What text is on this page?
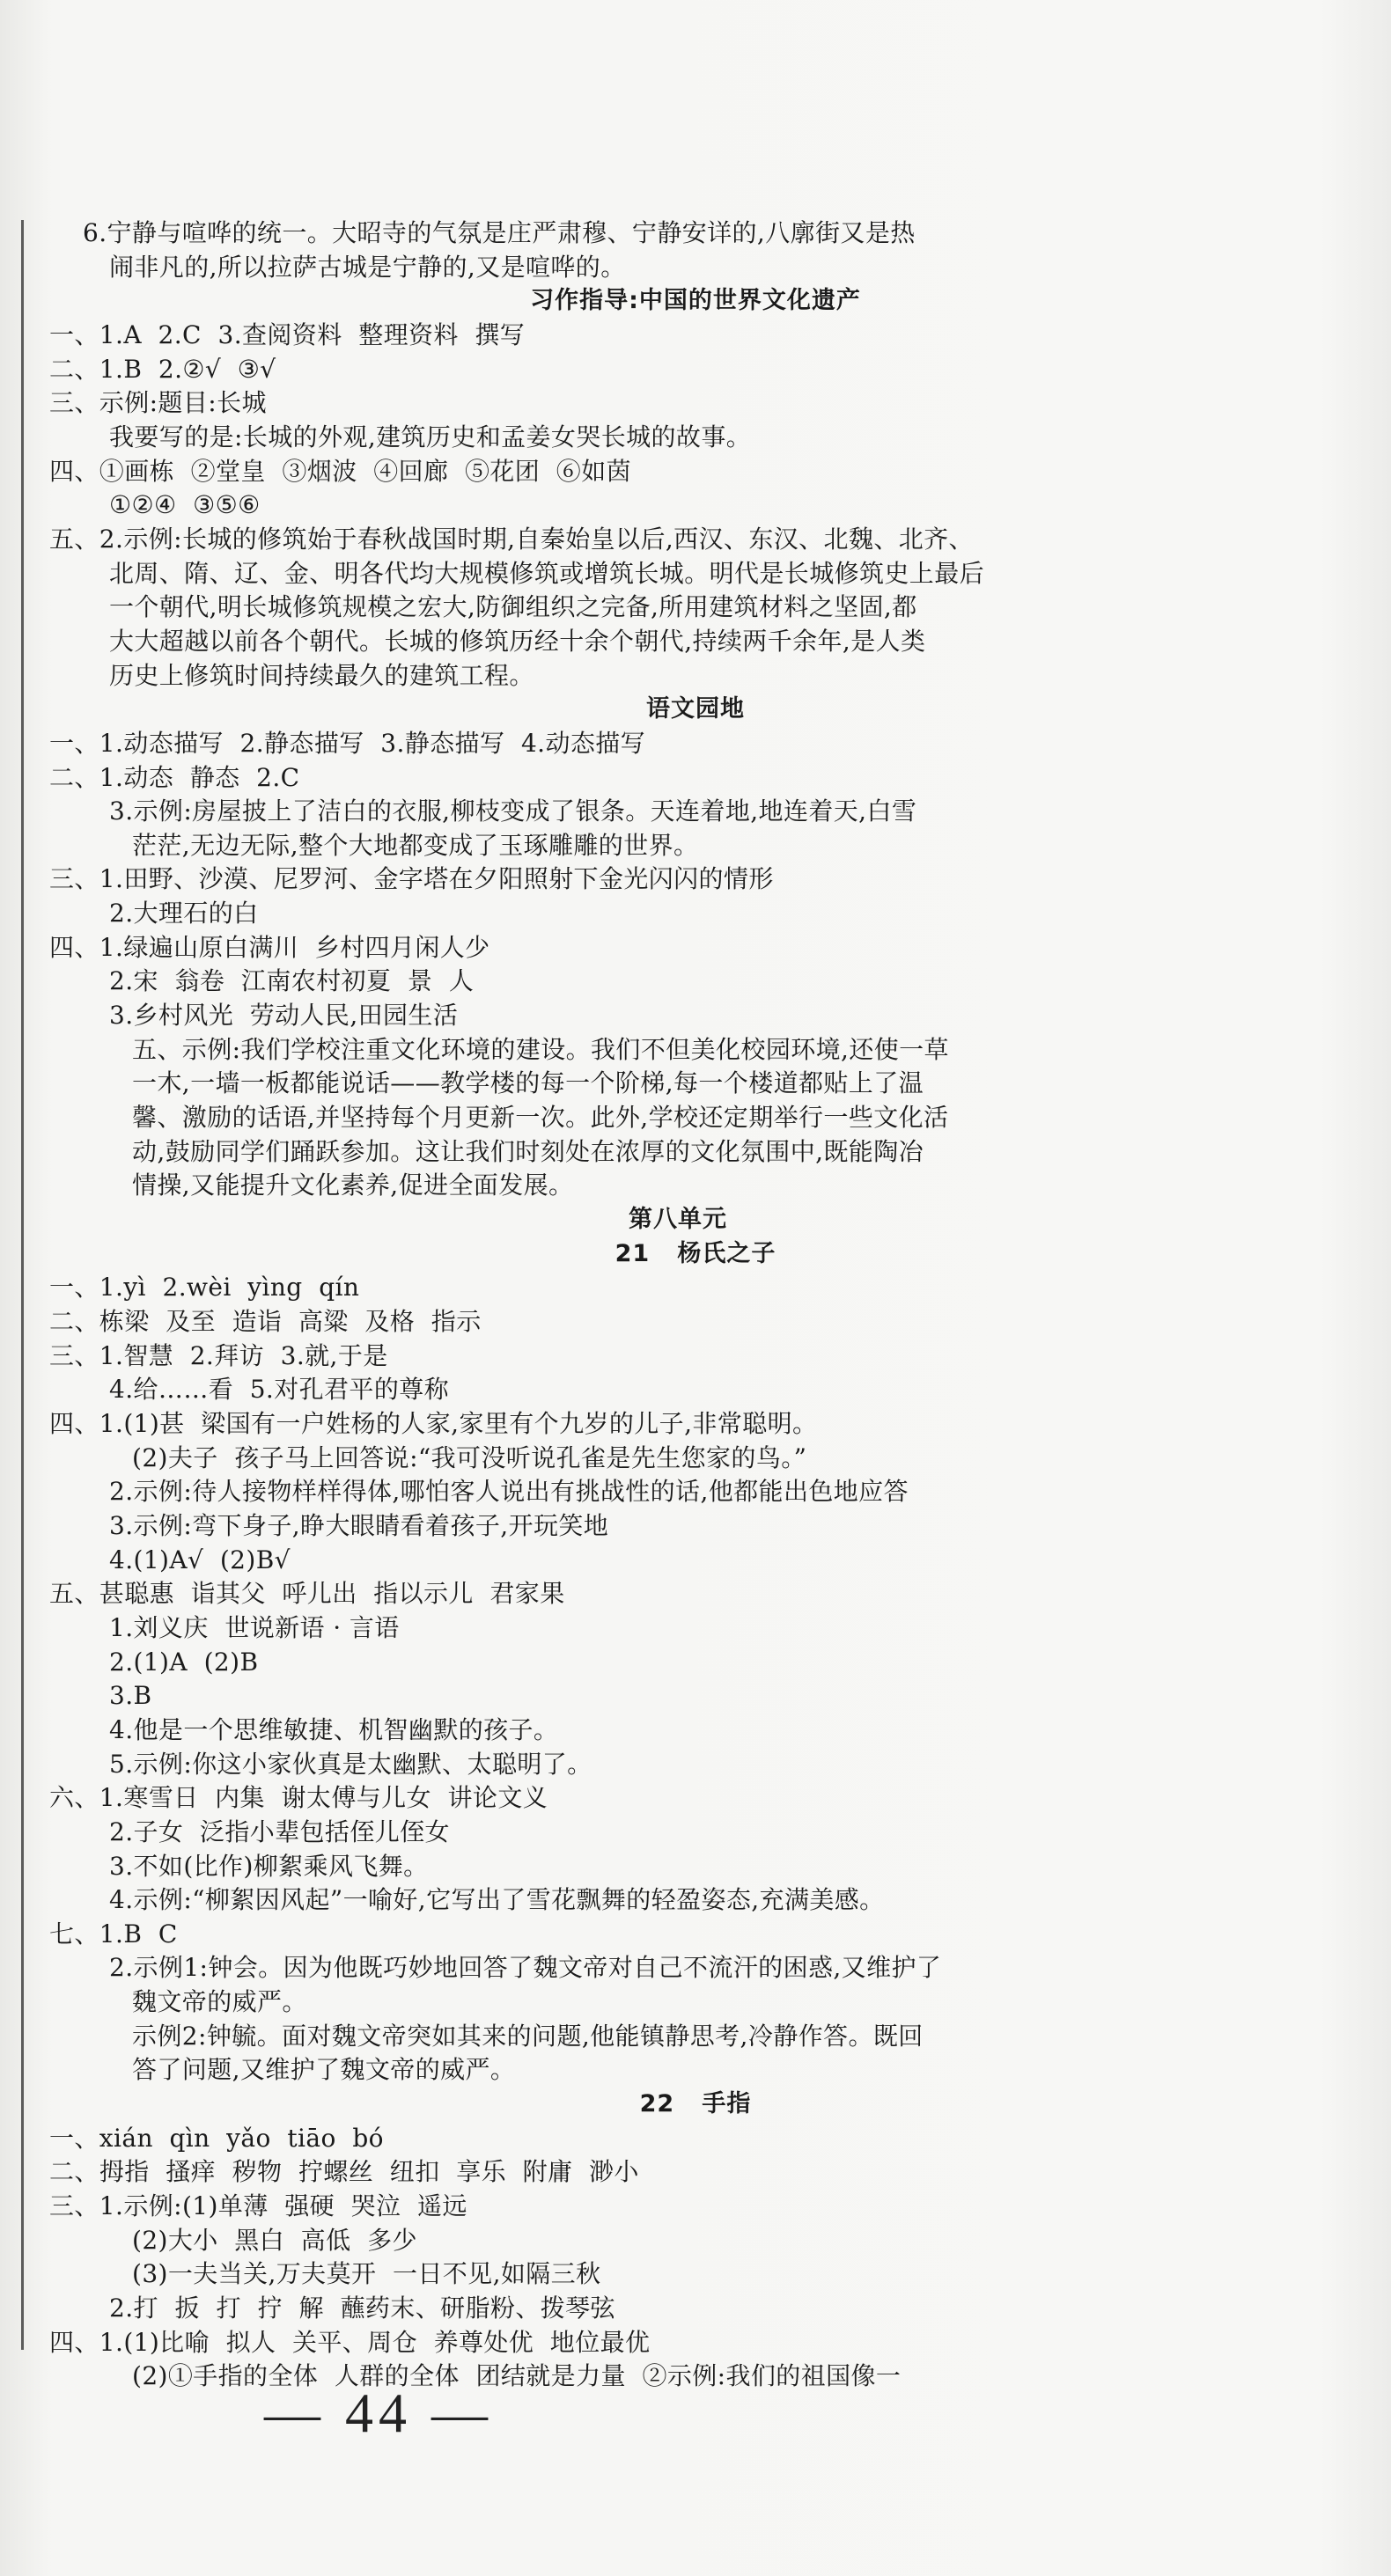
6.宁静与喧哗的统一。大昭寺的气氛是庄严肃穆、宁静安详的,八廓街又是热
闹非凡的,所以拉萨古城是宁静的,又是喧哗的。
习作指导:中国的世界文化遗产
一、1.A  2.C  3.查阅资料  整理资料  撰写
二、1.B  2.②√  ③√
三、示例:题目:长城
我要写的是:长城的外观,建筑历史和孟姜女哭长城的故事。
四、①画栋  ②堂皇  ③烟波  ④回廊  ⑤花团  ⑥如茵
①②④  ③⑤⑥
五、2.示例:长城的修筑始于春秋战国时期,自秦始皇以后,西汉、东汉、北魏、北齐、
北周、隋、辽、金、明各代均大规模修筑或增筑长城。明代是长城修筑史上最后
一个朝代,明长城修筑规模之宏大,防御组织之完备,所用建筑材料之坚固,都
大大超越以前各个朝代。长城的修筑历经十余个朝代,持续两千余年,是人类
历史上修筑时间持续最久的建筑工程。
语文园地
一、1.动态描写  2.静态描写  3.静态描写  4.动态描写
二、1.动态  静态  2.C
3.示例:房屋披上了洁白的衣服,柳枝变成了银条。天连着地,地连着天,白雪
茫茫,无边无际,整个大地都变成了玉琢雕雕的世界。
三、1.田野、沙漠、尼罗河、金字塔在夕阳照射下金光闪闪的情形
2.大理石的白
四、1.绿遍山原白满川  乡村四月闲人少
2.宋  翁卷  江南农村初夏  景  人
3.乡村风光  劳动人民,田园生活
五、示例:我们学校注重文化环境的建设。我们不但美化校园环境,还使一草
一木,一墙一板都能说话——教学楼的每一个阶梯,每一个楼道都贴上了温
馨、激励的话语,并坚持每个月更新一次。此外,学校还定期举行一些文化活
动,鼓励同学们踊跃参加。这让我们时刻处在浓厚的文化氛围中,既能陶冶
情操,又能提升文化素养,促进全面发展。
第八单元
21   杨氏之子
一、1.yì  2.wèi  yìng  qín
二、栋梁  及至  造诣  高粱  及格  指示
三、1.智慧  2.拜访  3.就,于是
4.给……看  5.对孔君平的尊称
四、1.(1)甚  梁国有一户姓杨的人家,家里有个九岁的儿子,非常聪明。
(2)夫子  孩子马上回答说:“我可没听说孔雀是先生您家的鸟。”
2.示例:待人接物样样得体,哪怕客人说出有挑战性的话,他都能出色地应答
3.示例:弯下身子,睁大眼睛看着孩子,开玩笑地
4.(1)A√  (2)B√
五、甚聪惠  诣其父  呼儿出  指以示儿  君家果
1.刘义庆  世说新语 · 言语
2.(1)A  (2)B
3.B
4.他是一个思维敏捷、机智幽默的孩子。
5.示例:你这小家伙真是太幽默、太聪明了。
六、1.寒雪日  内集  谢太傅与儿女  讲论文义
2.子女  泛指小辈包括侄儿侄女
3.不如(比作)柳絮乘风飞舞。
4.示例:“柳絮因风起”一喻好,它写出了雪花飘舞的轻盈姿态,充满美感。
七、1.B  C
2.示例1:钟会。因为他既巧妙地回答了魏文帝对自己不流汗的困惑,又维护了
魏文帝的威严。
示例2:钟毓。面对魏文帝突如其来的问题,他能镇静思考,冷静作答。既回
答了问题,又维护了魏文帝的威严。
22   手指
一、xián  qìn  yǎo  tiāo  bó
二、拇指  搔痒  秽物  拧螺丝  纽扣  享乐  附庸  渺小
三、1.示例:(1)单薄  强硬  哭泣  遥远
(2)大小  黑白  高低  多少
(3)一夫当关,万夫莫开  一日不见,如隔三秋
2.打  扳  打  拧  解  蘸药末、研脂粉、拨琴弦
四、1.(1)比喻  拟人  关平、周仓  养尊处优  地位最优
(2)①手指的全体  人群的全体  团结就是力量  ②示例:我们的祖国像一
— 44 —
